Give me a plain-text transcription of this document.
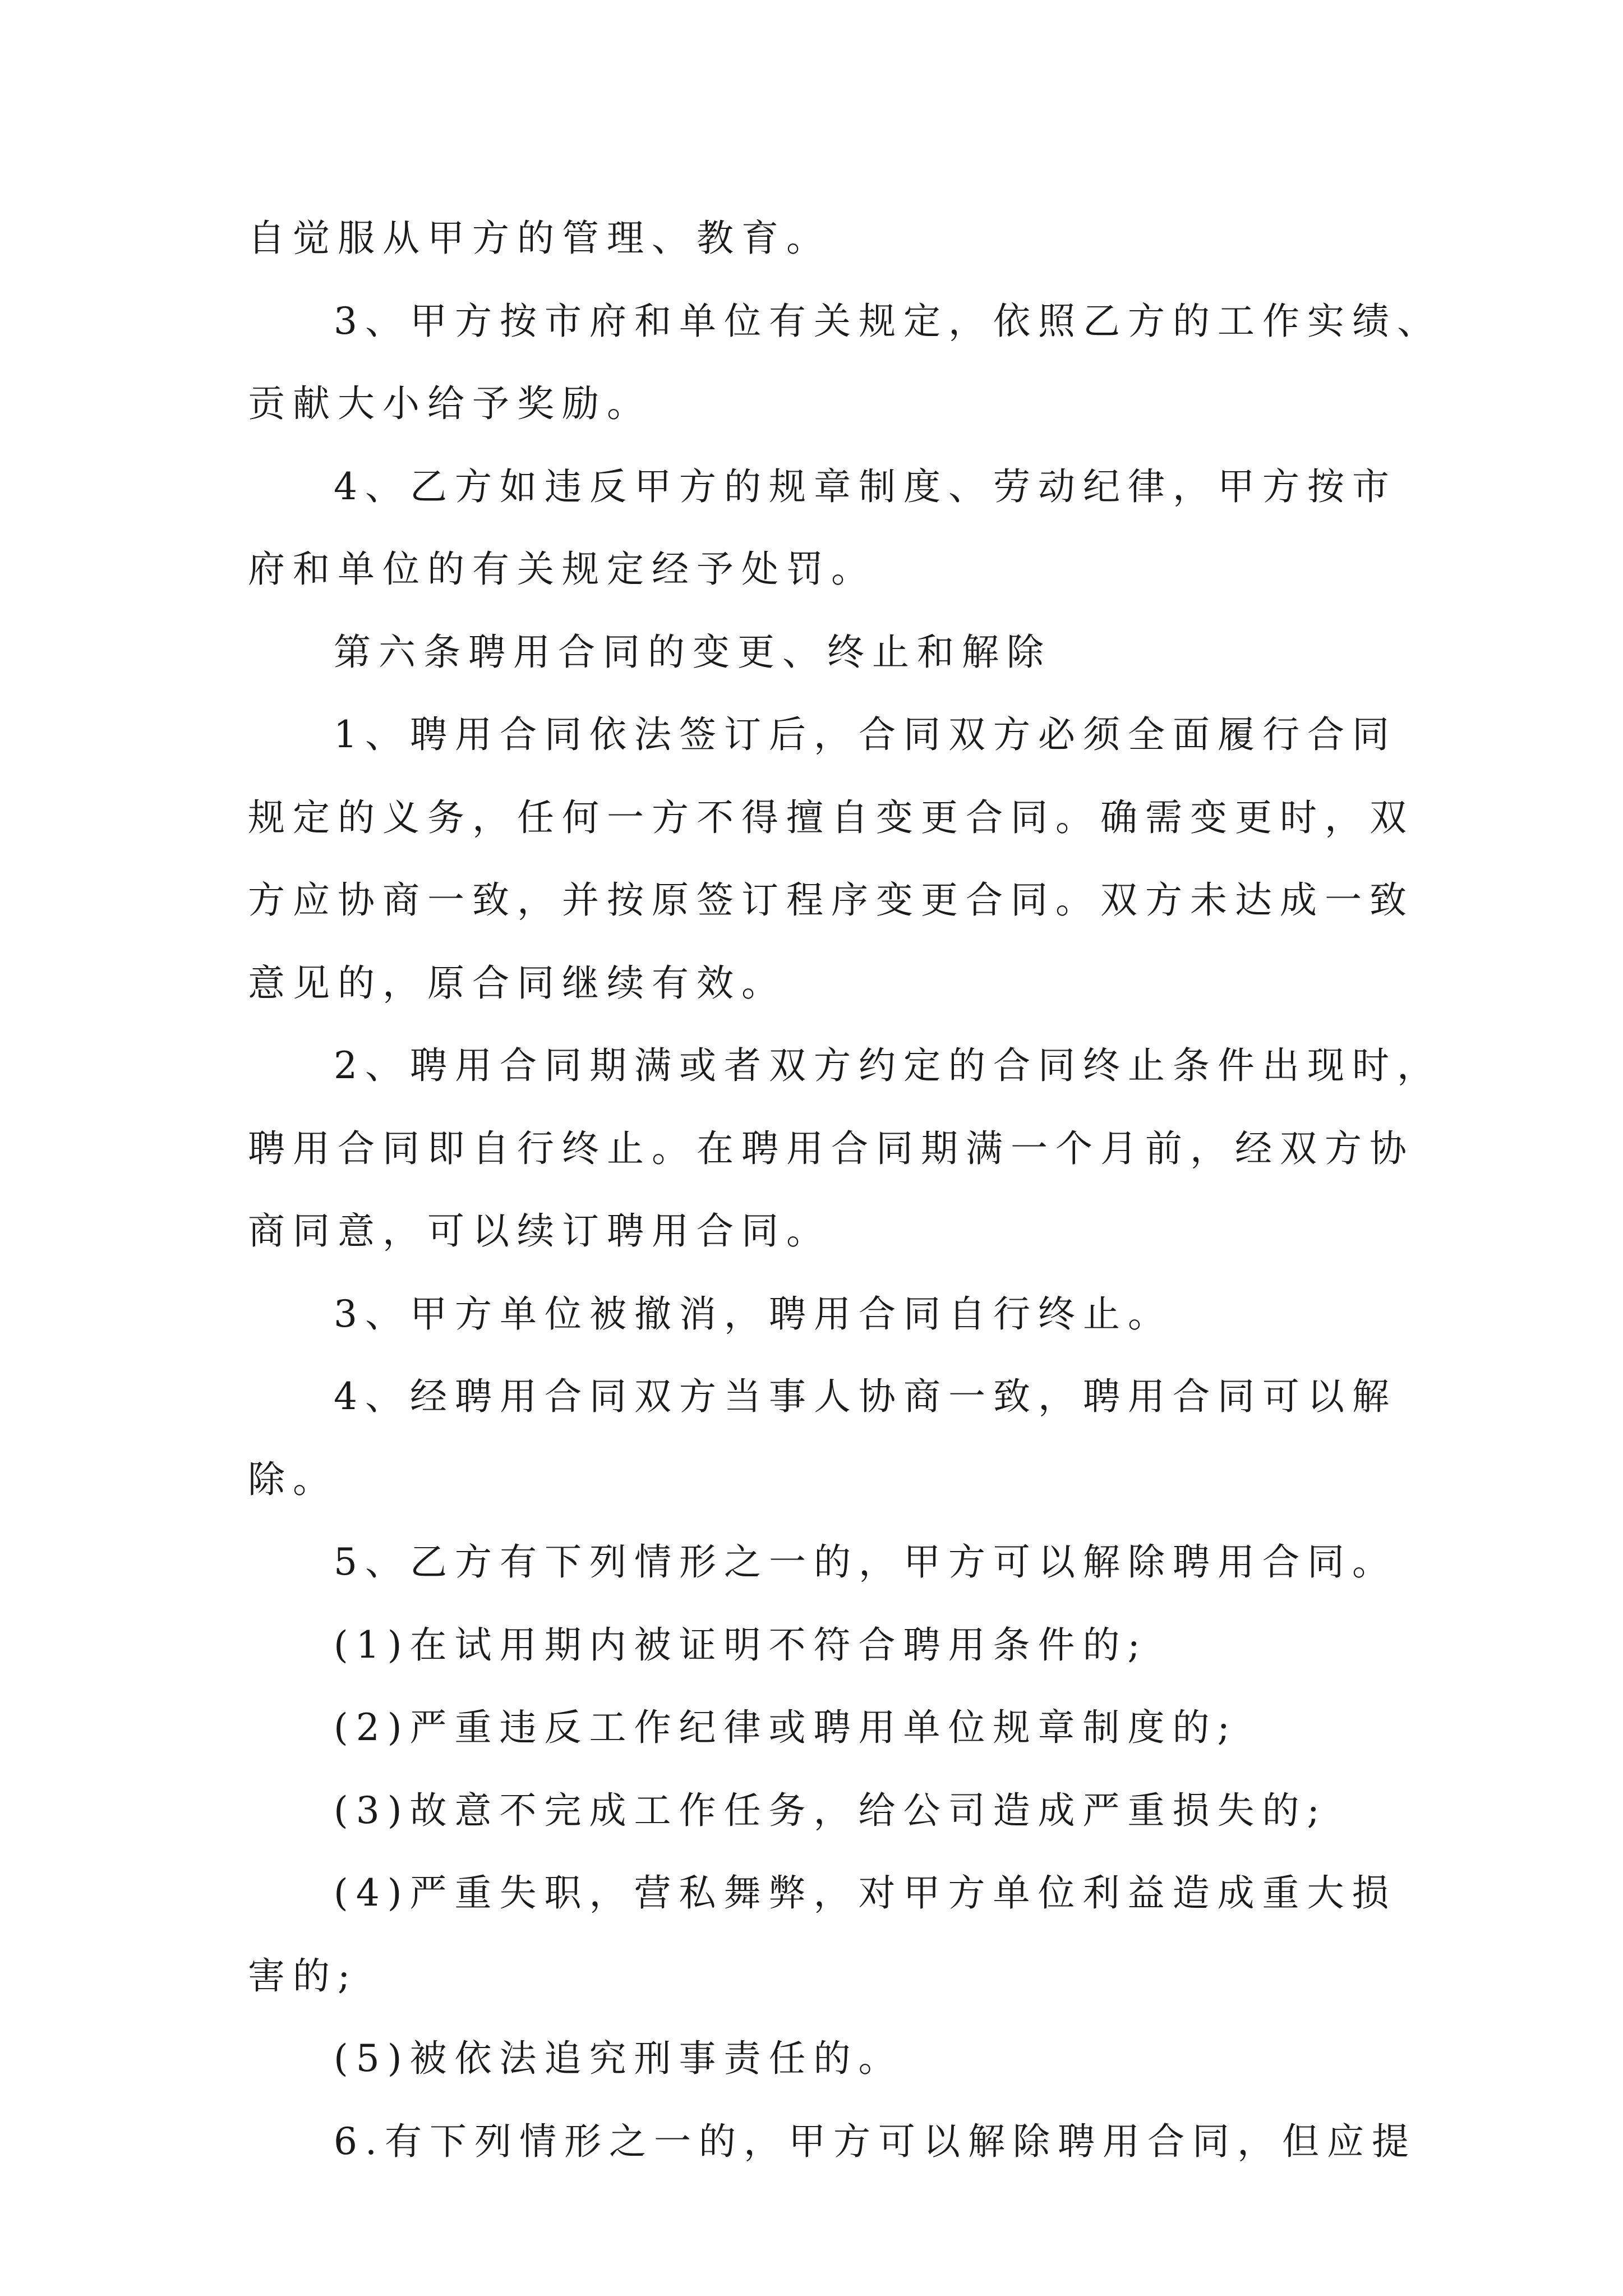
自觉服从甲方的管理、教育。
3、甲方按市府和单位有关规定，依照乙方的工作实绩、
贡献大小给予奖励。
4、乙方如违反甲方的规章制度、劳动纪律，甲方按市
府和单位的有关规定经予处罚。
第六条聘用合同的变更、终止和解除
1、聘用合同依法签订后，合同双方必须全面履行合同
规定的义务，任何一方不得擅自变更合同。确需变更时，双
方应协商一致，并按原签订程序变更合同。双方未达成一致
意见的，原合同继续有效。
2、聘用合同期满或者双方约定的合同终止条件出现时，
聘用合同即自行终止。在聘用合同期满一个月前，经双方协
商同意，可以续订聘用合同。
3、甲方单位被撤消，聘用合同自行终止。
4、经聘用合同双方当事人协商一致，聘用合同可以解
除。
5、乙方有下列情形之一的，甲方可以解除聘用合同。
(1)在试用期内被证明不符合聘用条件的;
(2)严重违反工作纪律或聘用单位规章制度的;
(3)故意不完成工作任务，给公司造成严重损失的;
(4)严重失职，营私舞弊，对甲方单位利益造成重大损
害的;
(5)被依法追究刑事责任的。
6.有下列情形之一的，甲方可以解除聘用合同，但应提
